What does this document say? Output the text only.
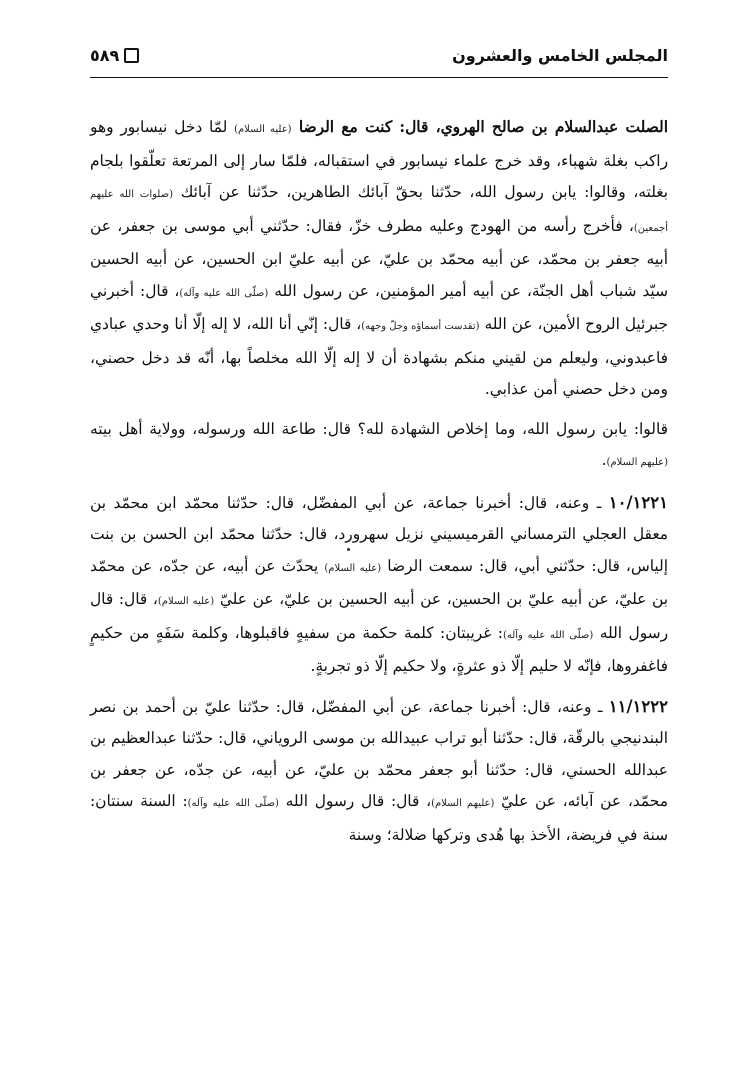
المجلس الخامس والعشرون
٥٨٩

الصلت عبدالسلام بن صالح الهروي، قال: كنت مع الرضا (عليه السلام) لمّا دخل نيسابور وهو راكب بغلة شهباء، وقد خرج علماء نيسابور في استقباله، فلمّا سار إلى المرتعة تعلّقوا بلجام بغلته، وقالوا: يابن رسول الله، حدّثنا بحقّ آبائك الطاهرين، حدّثنا عن آبائك (صلوات الله عليهم أجمعين)، فأخرج رأسه من الهودج وعليه مطرف خزّ، فقال: حدّثني أبي موسى بن جعفر، عن أبيه جعفر بن محمّد، عن أبيه محمّد بن عليّ، عن أبيه عليّ ابن الحسين، عن أبيه الحسين سيّد شباب أهل الجنّة، عن أبيه أمير المؤمنين، عن رسول الله (صلّى الله عليه وآله)، قال: أخبرني جبرئيل الروح الأمين، عن الله (تقدست أسماؤه وجلّ وجهه)، قال: إنّي أنا الله، لا إله إلّا أنا وحدي عبادي فاعبدوني، وليعلم من لقيني منكم بشهادة أن لا إله إلّا الله مخلصاً بها، أنّه قد دخل حصني، ومن دخل حصني أمن عذابي.

قالوا: يابن رسول الله، وما إخلاص الشهادة لله؟ قال: طاعة الله ورسوله، وولاية أهل بيته (عليهم السلام).

١٠/١٢٢١ ـ وعنه، قال: أخبرنا جماعة، عن أبي المفضّل، قال: حدّثنا محمّد ابن محمّد بن معقل العجلي الترمساني القرميسيني نزيل سهرورد، قال: حدّثنا محمّد ابن الحسن بن بنت إلياس، قال: حدّثني أبي، قال: سمعت الرضا (عليه السلام) يحدّث عن أبيه، عن جدّه، عن محمّد بن عليّ، عن أبيه عليّ بن الحسين، عن أبيه الحسين بن عليّ، عن عليّ (عليه السلام)، قال: قال رسول الله (صلّى الله عليه وآله): غريبتان: كلمة حكمة من سفيهٍ فاقبلوها، وكلمة سَفَهٍ من حكيمٍ فاغفروها، فإنّه لا حليم إلّا ذو عثرةٍ، ولا حكيم إلّا ذو تجربةٍ.

١١/١٢٢٢ ـ وعنه، قال: أخبرنا جماعة، عن أبي المفضّل، قال: حدّثنا عليّ بن أحمد بن نصر البندنيجي بالرقّة، قال: حدّثنا أبو تراب عبيدالله بن موسى الروياني، قال: حدّثنا عبدالعظيم بن عبدالله الحسني، قال: حدّثنا أبو جعفر محمّد بن عليّ، عن أبيه، عن جدّه، عن جعفر بن محمّد، عن آبائه، عن عليّ (عليهم السلام)، قال: قال رسول الله (صلّى الله عليه وآله): السنة سنتان: سنة في فريضة، الأخذ بها هُدى وتركها ضلالة؛ وسنة
